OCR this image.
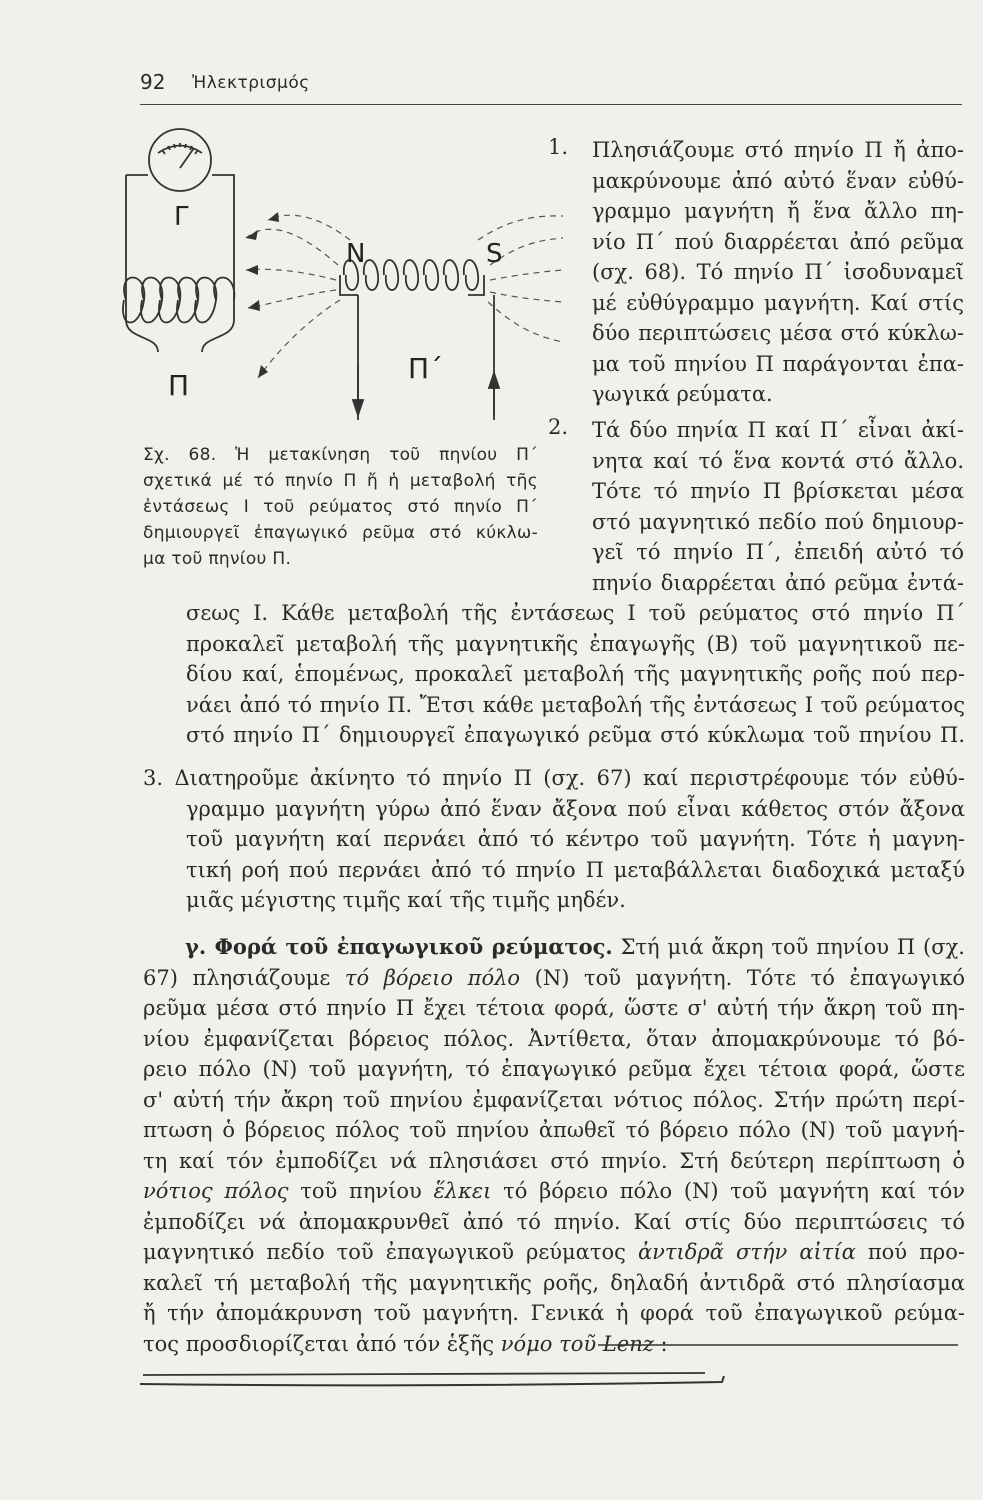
92 Ἠλεκτρισμός
Γ
N	S
Π
Π΄
Σχ. 68. Ἡ μετακίνηση τοῦ πηνίου Π΄
σχετικά μέ τό πηνίο Π ἤ ἡ μεταβολή τῆς
ἐντάσεως Ι τοῦ ρεύματος στό πηνίο Π΄
δημιουργεῖ ἐπαγωγικό ρεῦμα στό κύκλω-
μα τοῦ πηνίου Π.
1. Πλησιάζουμε στό πηνίο Π ἤ ἀπο-
μακρύνουμε ἀπό αὐτό ἕναν εὐθύ-
γραμμο μαγνήτη ἤ ἕνα ἄλλο πη-
νίο Π΄ πού διαρρέεται ἀπό ρεῦμα
(σχ. 68). Τό πηνίο Π΄ ἰσοδυναμεῖ
μέ εὐθύγραμμο μαγνήτη. Καί στίς
δύο περιπτώσεις μέσα στό κύκλω-
μα τοῦ πηνίου Π παράγονται ἐπα-
γωγικά ρεύματα.
2. Τά δύο πηνία Π καί Π΄ εἶναι ἀκί-
νητα καί τό ἕνα κοντά στό ἄλλο.
Τότε τό πηνίο Π βρίσκεται μέσα
στό μαγνητικό πεδίο πού δημιουρ-
γεῖ τό πηνίο Π΄, ἐπειδή αὐτό τό
πηνίο διαρρέεται ἀπό ρεῦμα ἐντά-
σεως Ι. Κάθε μεταβολή τῆς ἐντάσεως Ι τοῦ ρεύματος στό πηνίο Π΄
προκαλεῖ μεταβολή τῆς μαγνητικῆς ἐπαγωγῆς (Β) τοῦ μαγνητικοῦ πε-
δίου καί, ἑπομένως, προκαλεῖ μεταβολή τῆς μαγνητικῆς ροῆς πού περ-
νάει ἀπό τό πηνίο Π. Ἔτσι κάθε μεταβολή τῆς ἐντάσεως Ι τοῦ ρεύματος
στό πηνίο Π΄ δημιουργεῖ ἐπαγωγικό ρεῦμα στό κύκλωμα τοῦ πηνίου Π.
3. Διατηροῦμε ἀκίνητο τό πηνίο Π (σχ. 67) καί περιστρέφουμε τόν εὐθύ-
γραμμο μαγνήτη γύρω ἀπό ἕναν ἄξονα πού εἶναι κάθετος στόν ἄξονα
τοῦ μαγνήτη καί περνάει ἀπό τό κέντρο τοῦ μαγνήτη. Τότε ἡ μαγνη-
τική ροή πού περνάει ἀπό τό πηνίο Π μεταβάλλεται διαδοχικά μεταξύ
μιᾶς μέγιστης τιμῆς καί τῆς τιμῆς μηδέν.
γ. Φορά τοῦ ἐπαγωγικοῦ ρεύματος. Στή μιά ἄκρη τοῦ πηνίου Π (σχ.
67) πλησιάζουμε τό βόρειο πόλο (Ν) τοῦ μαγνήτη. Τότε τό ἐπαγωγικό
ρεῦμα μέσα στό πηνίο Π ἔχει τέτοια φορά, ὥστε σ' αὐτή τήν ἄκρη τοῦ πη-
νίου ἐμφανίζεται βόρειος πόλος. Ἀντίθετα, ὅταν ἀπομακρύνουμε τό βό-
ρειο πόλο (Ν) τοῦ μαγνήτη, τό ἐπαγωγικό ρεῦμα ἔχει τέτοια φορά, ὥστε
σ' αὐτή τήν ἄκρη τοῦ πηνίου ἐμφανίζεται νότιος πόλος. Στήν πρώτη περί-
πτωση ὁ βόρειος πόλος τοῦ πηνίου ἀπωθεῖ τό βόρειο πόλο (Ν) τοῦ μαγνή-
τη καί τόν ἐμποδίζει νά πλησιάσει στό πηνίο. Στή δεύτερη περίπτωση ὁ
νότιος πόλος τοῦ πηνίου ἕλκει τό βόρειο πόλο (Ν) τοῦ μαγνήτη καί τόν
ἐμποδίζει νά ἀπομακρυνθεῖ ἀπό τό πηνίο. Καί στίς δύο περιπτώσεις τό
μαγνητικό πεδίο τοῦ ἐπαγωγικοῦ ρεύματος ἀντιδρᾶ στήν αἰτία πού προ-
καλεῖ τή μεταβολή τῆς μαγνητικῆς ροῆς, δηλαδή ἀντιδρᾶ στό πλησίασμα
ἤ τήν ἀπομάκρυνση τοῦ μαγνήτη. Γενικά ἡ φορά τοῦ ἐπαγωγικοῦ ρεύμα-
τος προσδιορίζεται ἀπό τόν ἑξῆς νόμο τοῦ Lenz :
